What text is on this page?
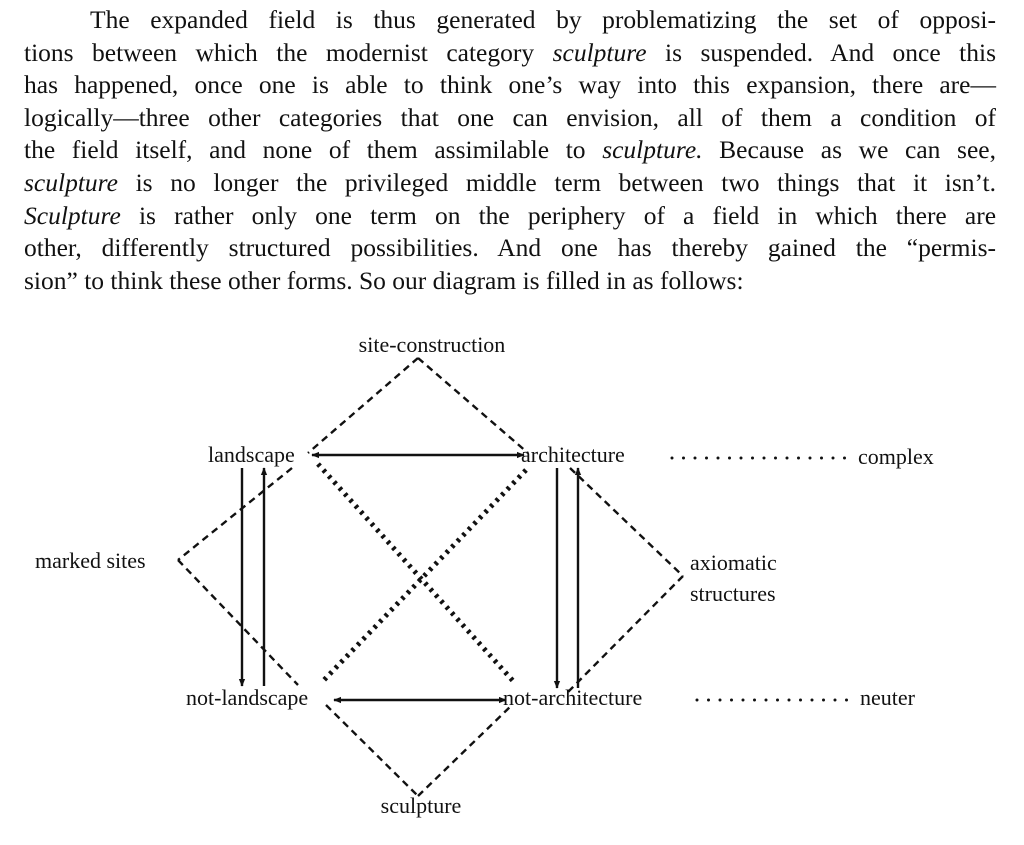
The expanded field is thus generated by problematizing the set of opposi-
tions between which the modernist category sculpture is suspended. And once this
has happened, once one is able to think one’s way into this expansion, there are—
logically—three other categories that one can envision, all of them a condition of
the field itself, and none of them assimilable to sculpture. Because as we can see,
sculpture is no longer the privileged middle term between two things that it isn’t.
Sculpture is rather only one term on the periphery of a field in which there are
other, differently structured possibilities. And one has thereby gained the “permis-
sion” to think these other forms. So our diagram is filled in as follows:
site-construction
landscape	architecture	complex
marked sites	axiomatic
structures
not-landscape	not-architecture	neuter
sculpture
